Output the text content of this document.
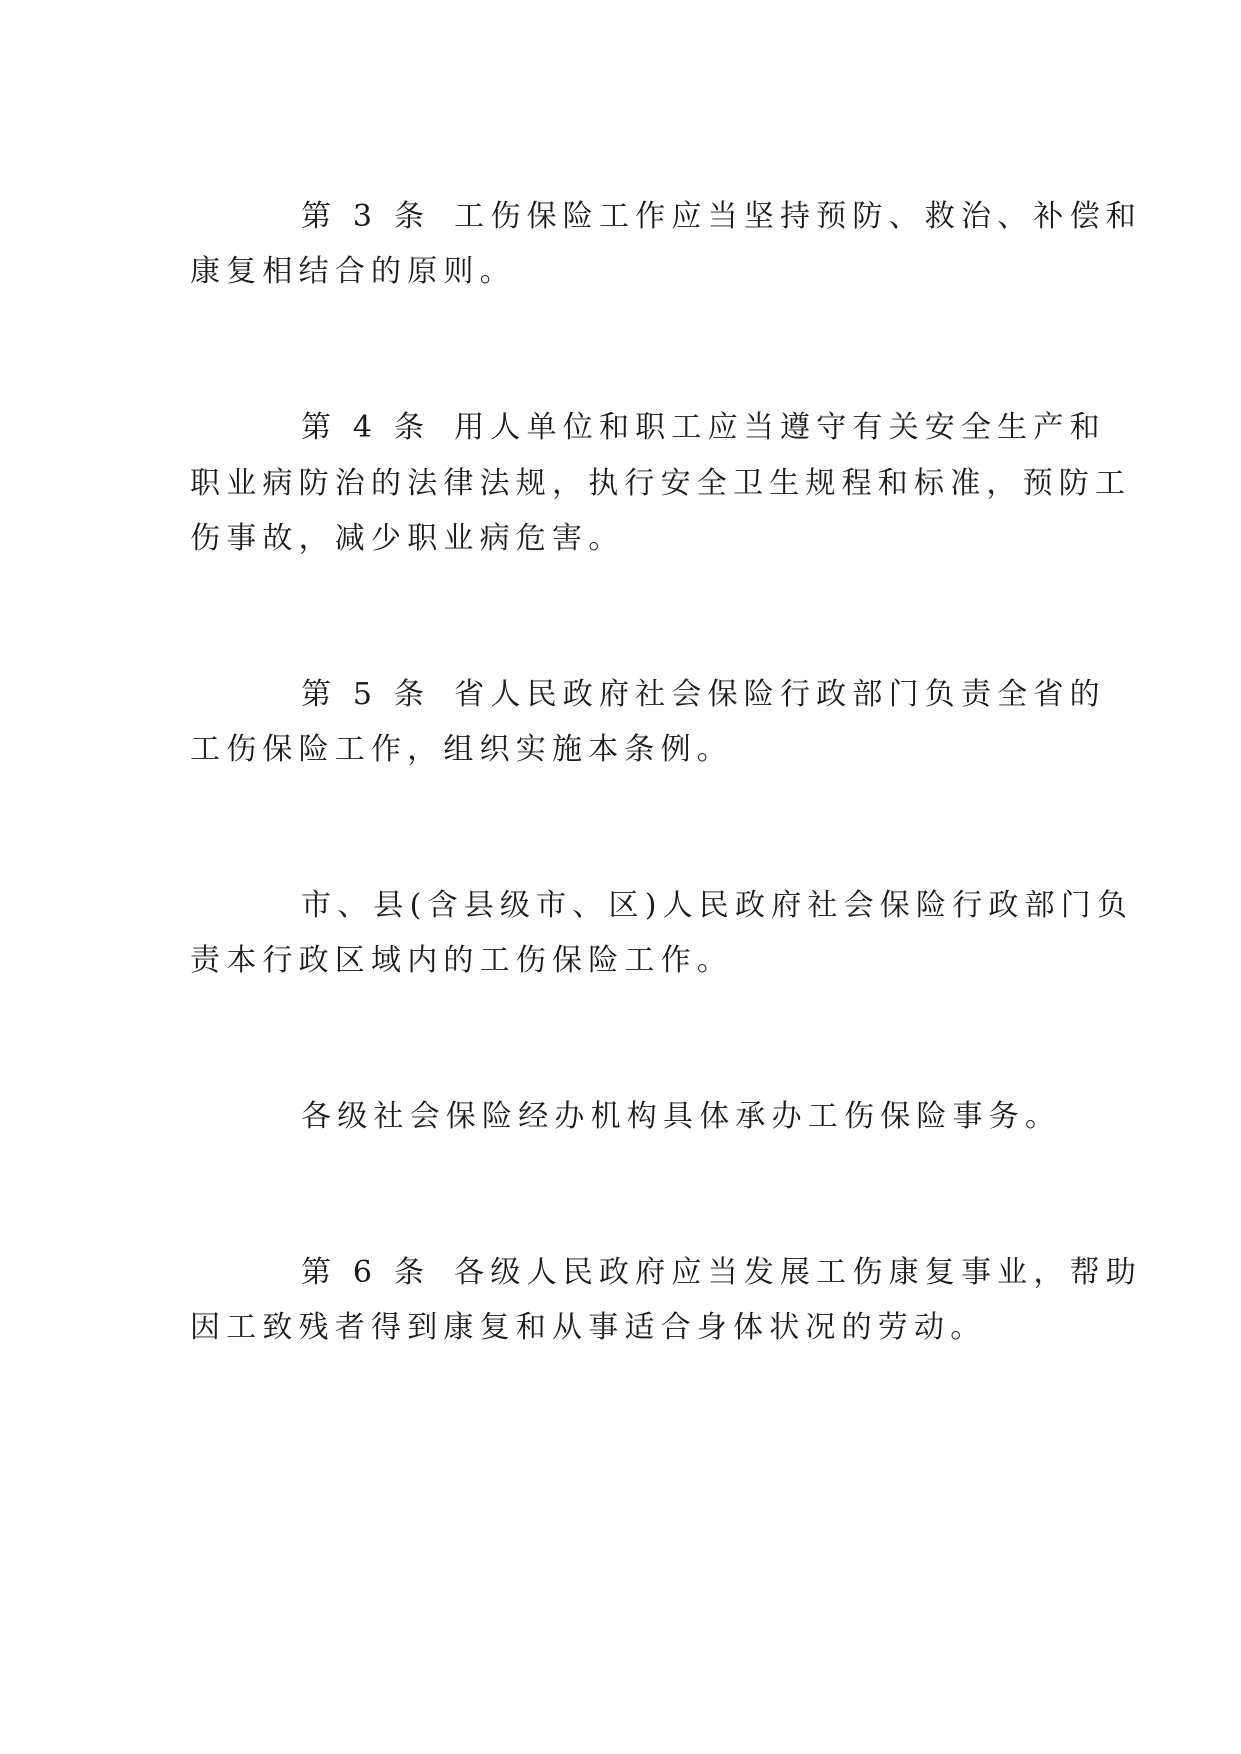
第 3 条 工伤保险工作应当坚持预防、救治、补偿和
康复相结合的原则。
第 4 条 用人单位和职工应当遵守有关安全生产和
职业病防治的法律法规，执行安全卫生规程和标准，预防工
伤事故，减少职业病危害。
第 5 条 省人民政府社会保险行政部门负责全省的
工伤保险工作，组织实施本条例。
市、县(含县级市、区)人民政府社会保险行政部门负
责本行政区域内的工伤保险工作。
各级社会保险经办机构具体承办工伤保险事务。
第 6 条 各级人民政府应当发展工伤康复事业，帮助
因工致残者得到康复和从事适合身体状况的劳动。
